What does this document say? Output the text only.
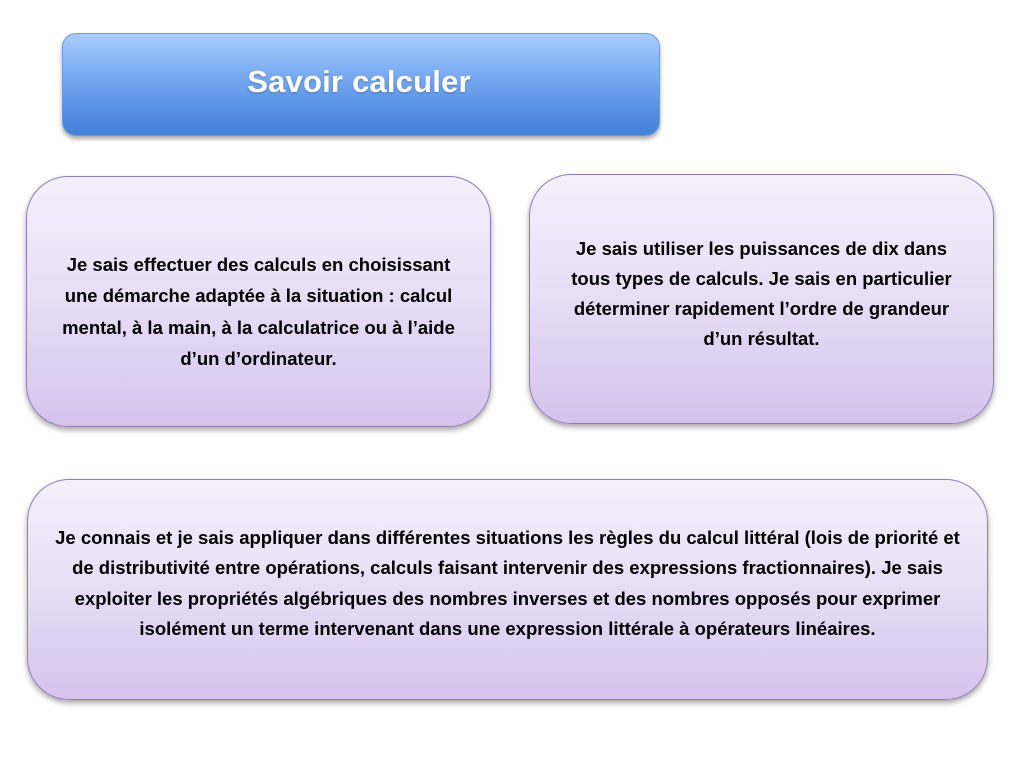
Savoir calculer

Je sais effectuer des calculs en choisissant une démarche adaptée à la situation : calcul mental, à la main, à la calculatrice ou à l’aide d’un d’ordinateur.

Je sais utiliser les puissances de dix dans tous types de calculs. Je sais en particulier déterminer rapidement l’ordre de grandeur d’un résultat.

Je connais et je sais appliquer dans différentes situations les règles du calcul littéral (lois de priorité et de distributivité entre opérations, calculs faisant intervenir des expressions fractionnaires). Je sais exploiter les propriétés algébriques des nombres inverses et des nombres opposés pour exprimer isolément un terme intervenant dans une expression littérale à opérateurs linéaires.
